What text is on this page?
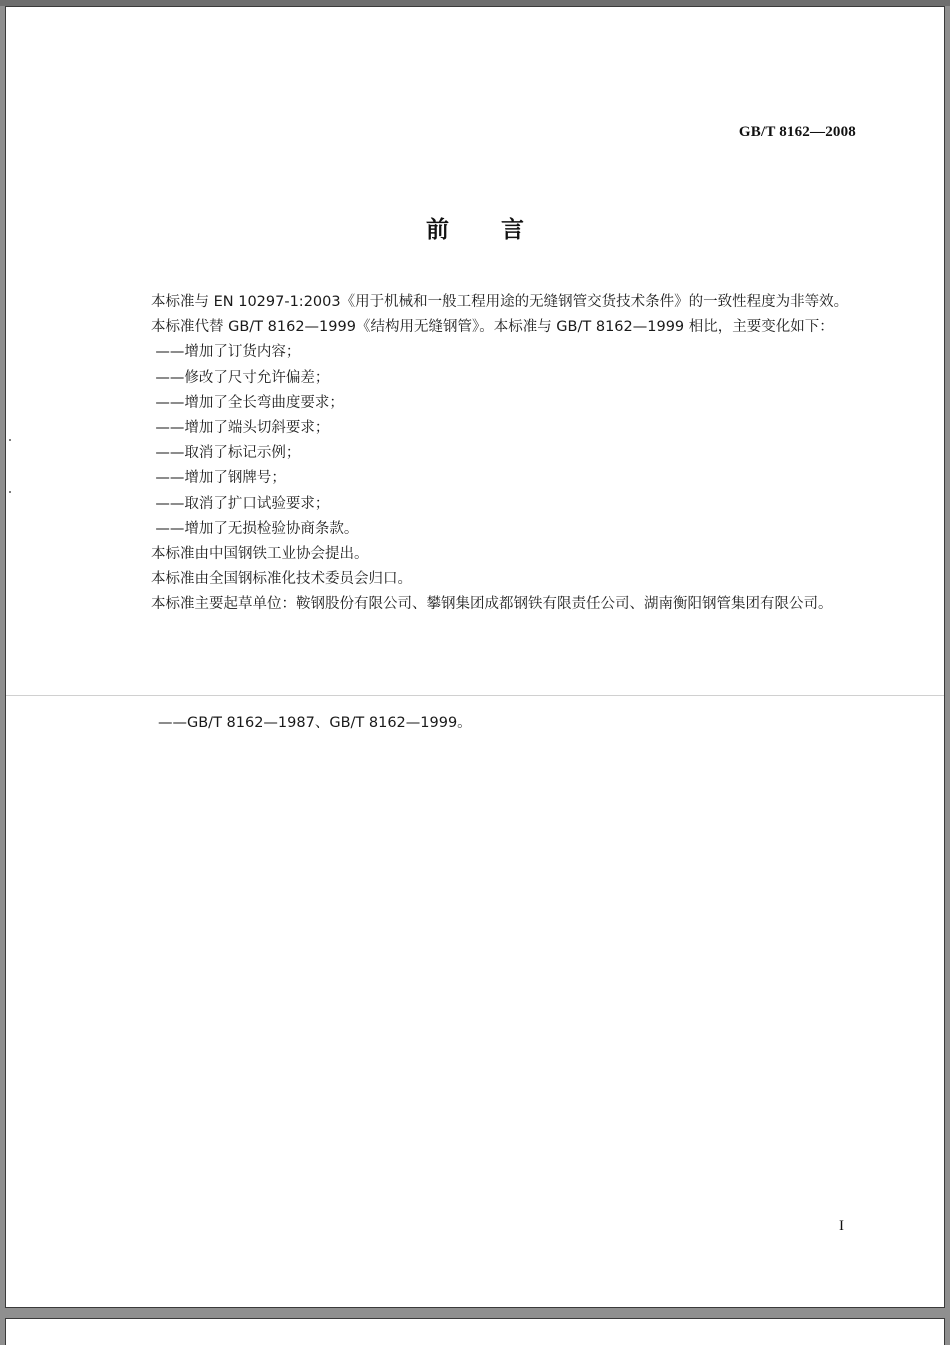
GB/T 8162—2008
前言

本标准与 EN 10297-1:2003《用于机械和一般工程用途的无缝钢管交货技术条件》的一致性程度为非等效。

本标准代替 GB/T 8162—1999《结构用无缝钢管》。本标准与 GB/T 8162—1999 相比，主要变化如下：

——增加了订货内容；

——修改了尺寸允许偏差；

——增加了全长弯曲度要求；

——增加了端头切斜要求；

——取消了标记示例；

——增加了钢牌号；

——取消了扩口试验要求；

——增加了无损检验协商条款。

本标准由中国钢铁工业协会提出。

本标准由全国钢标准化技术委员会归口。

本标准主要起草单位：鞍钢股份有限公司、攀钢集团成都钢铁有限责任公司、湖南衡阳钢管集团有限公司。

——GB/T 8162—1987、GB/T 8162—1999。
I
